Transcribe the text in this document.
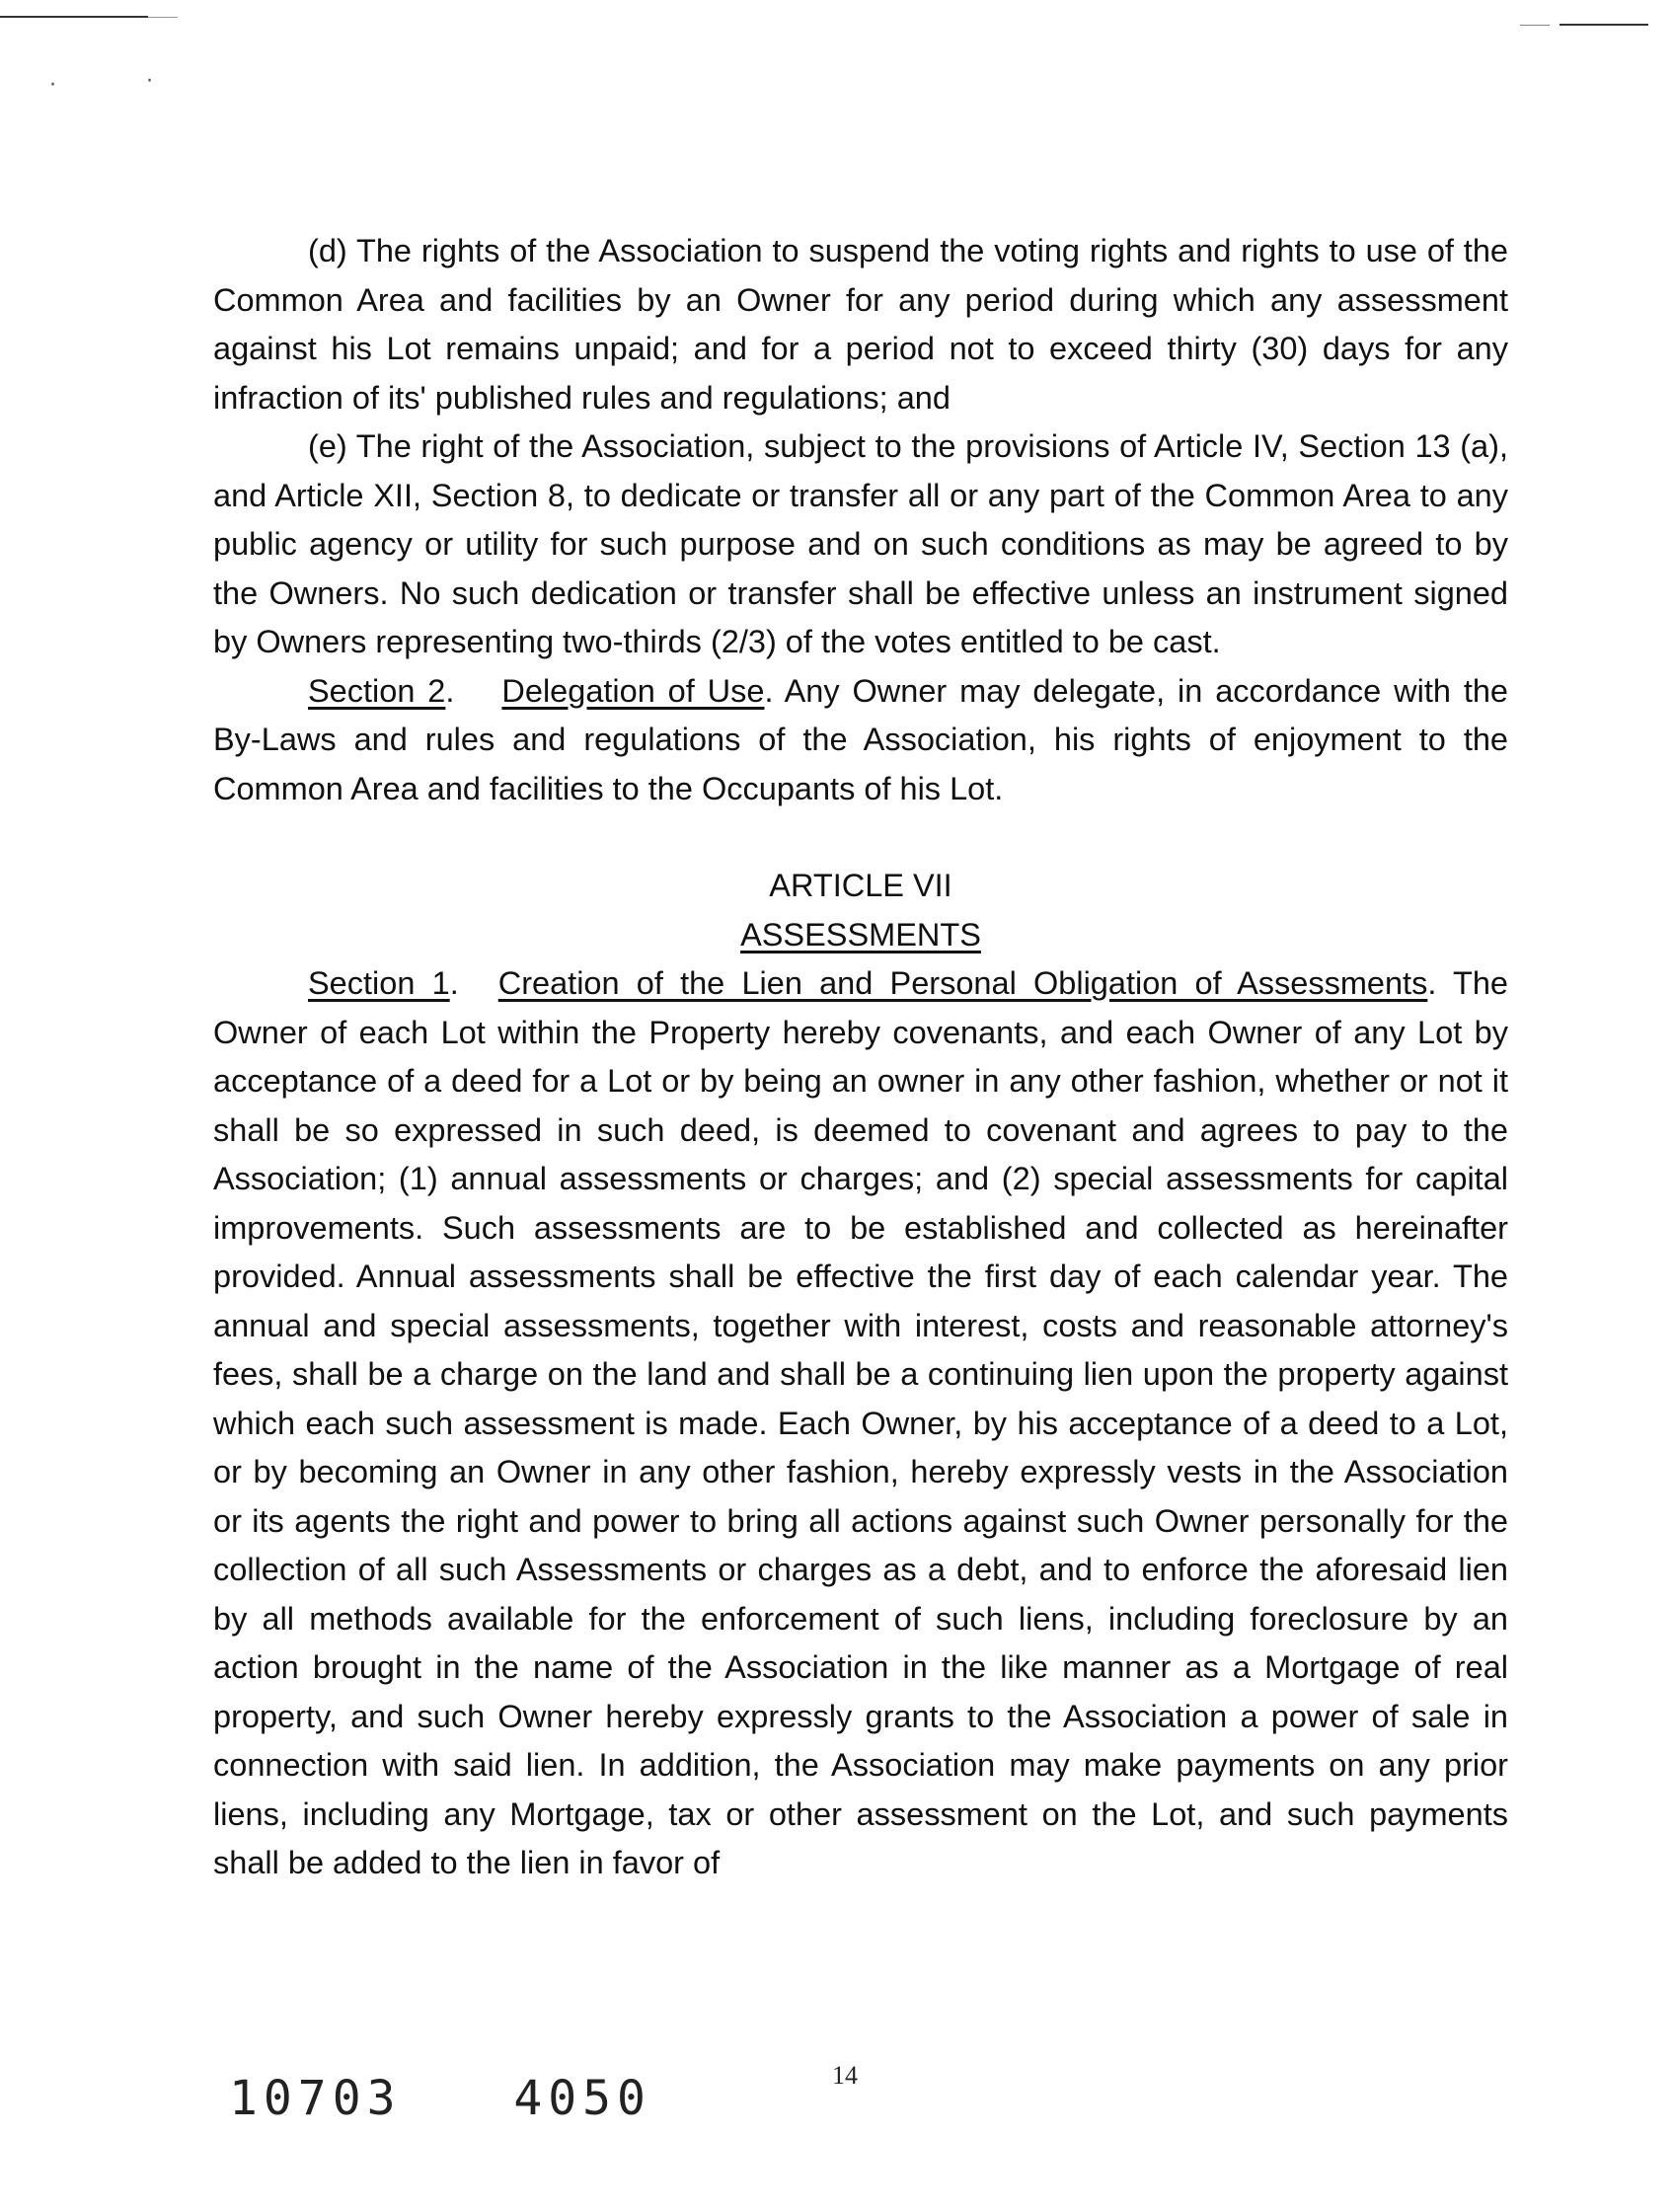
·	·

(d) The rights of the Association to suspend the voting rights and rights to use of the Common Area and facilities by an Owner for any period during which any assessment against his Lot remains unpaid; and for a period not to exceed thirty (30) days for any infraction of its' published rules and regulations; and

(e) The right of the Association, subject to the provisions of Article IV, Section 13 (a), and Article XII, Section 8, to dedicate or transfer all or any part of the Common Area to any public agency or utility for such purpose and on such conditions as may be agreed to by the Owners. No such dedication or transfer shall be effective unless an instrument signed by Owners representing two-thirds (2/3) of the votes entitled to be cast.

Section 2. Delegation of Use. Any Owner may delegate, in accordance with the By-Laws and rules and regulations of the Association, his rights of enjoyment to the Common Area and facilities to the Occupants of his Lot.

ARTICLE VII

ASSESSMENTS

Section 1. Creation of the Lien and Personal Obligation of Assessments. The Owner of each Lot within the Property hereby covenants, and each Owner of any Lot by acceptance of a deed for a Lot or by being an owner in any other fashion, whether or not it shall be so expressed in such deed, is deemed to covenant and agrees to pay to the Association; (1) annual assessments or charges; and (2) special assessments for capital improvements. Such assessments are to be established and collected as hereinafter provided. Annual assessments shall be effective the first day of each calendar year. The annual and special assessments, together with interest, costs and reasonable attorney's fees, shall be a charge on the land and shall be a continuing lien upon the property against which each such assessment is made. Each Owner, by his acceptance of a deed to a Lot, or by becoming an Owner in any other fashion, hereby expressly vests in the Association or its agents the right and power to bring all actions against such Owner personally for the collection of all such Assessments or charges as a debt, and to enforce the aforesaid lien by all methods available for the enforcement of such liens, including foreclosure by an action brought in the name of the Association in the like manner as a Mortgage of real property, and such Owner hereby expressly grants to the Association a power of sale in connection with said lien. In addition, the Association may make payments on any prior liens, including any Mortgage, tax or other assessment on the Lot, and such payments shall be added to the lien in favor of

14
10703 4050
